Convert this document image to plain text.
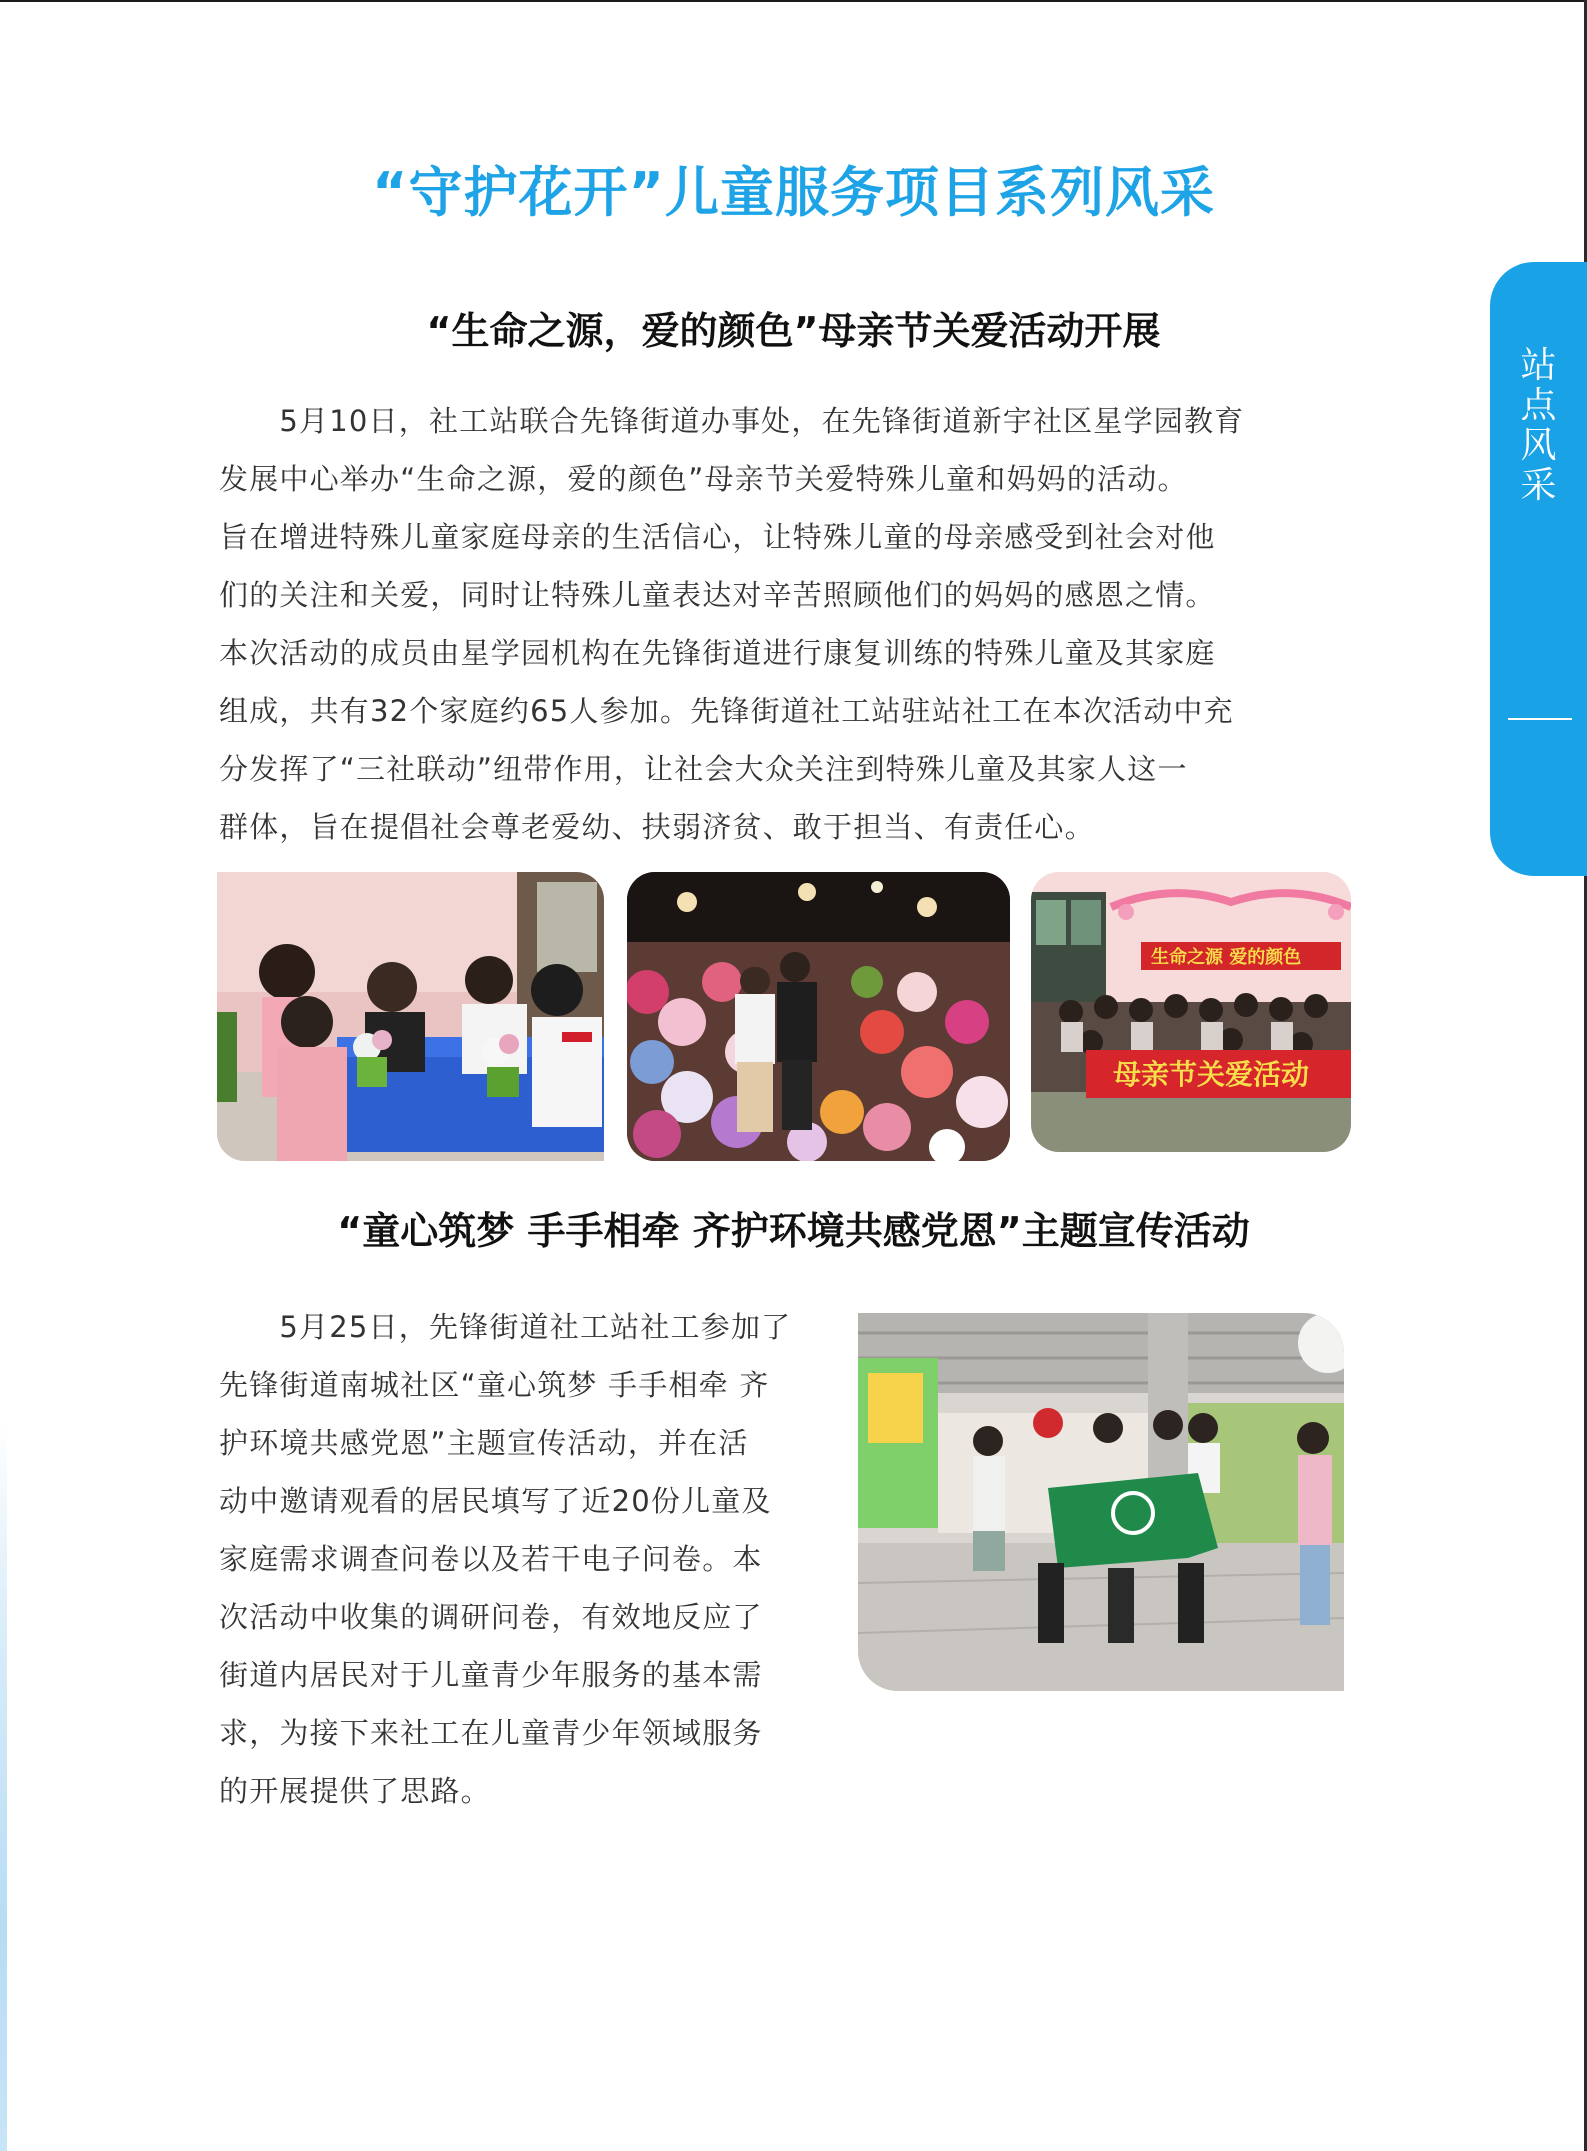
“守护花开”儿童服务项目系列风采
站
点
风
采
39
“生命之源，爱的颜色”母亲节关爱活动开展
　　5月10日，社工站联合先锋街道办事处，在先锋街道新宇社区星学园教育
发展中心举办“生命之源，爱的颜色”母亲节关爱特殊儿童和妈妈的活动。
旨在增进特殊儿童家庭母亲的生活信心，让特殊儿童的母亲感受到社会对他
们的关注和关爱，同时让特殊儿童表达对辛苦照顾他们的妈妈的感恩之情。
本次活动的成员由星学园机构在先锋街道进行康复训练的特殊儿童及其家庭
组成，共有32个家庭约65人参加。先锋街道社工站驻站社工在本次活动中充
分发挥了“三社联动”纽带作用，让社会大众关注到特殊儿童及其家人这一
群体，旨在提倡社会尊老爱幼、扶弱济贫、敢于担当、有责任心。
生命之源 爱的颜色
母亲节关爱活动
“童心筑梦 手手相牵 齐护环境共感党恩”主题宣传活动
　　5月25日，先锋街道社工站社工参加了
先锋街道南城社区“童心筑梦 手手相牵 齐
护环境共感党恩”主题宣传活动，并在活
动中邀请观看的居民填写了近20份儿童及
家庭需求调查问卷以及若干电子问卷。本
次活动中收集的调研问卷，有效地反应了
街道内居民对于儿童青少年服务的基本需
求，为接下来社工在儿童青少年领域服务
的开展提供了思路。
